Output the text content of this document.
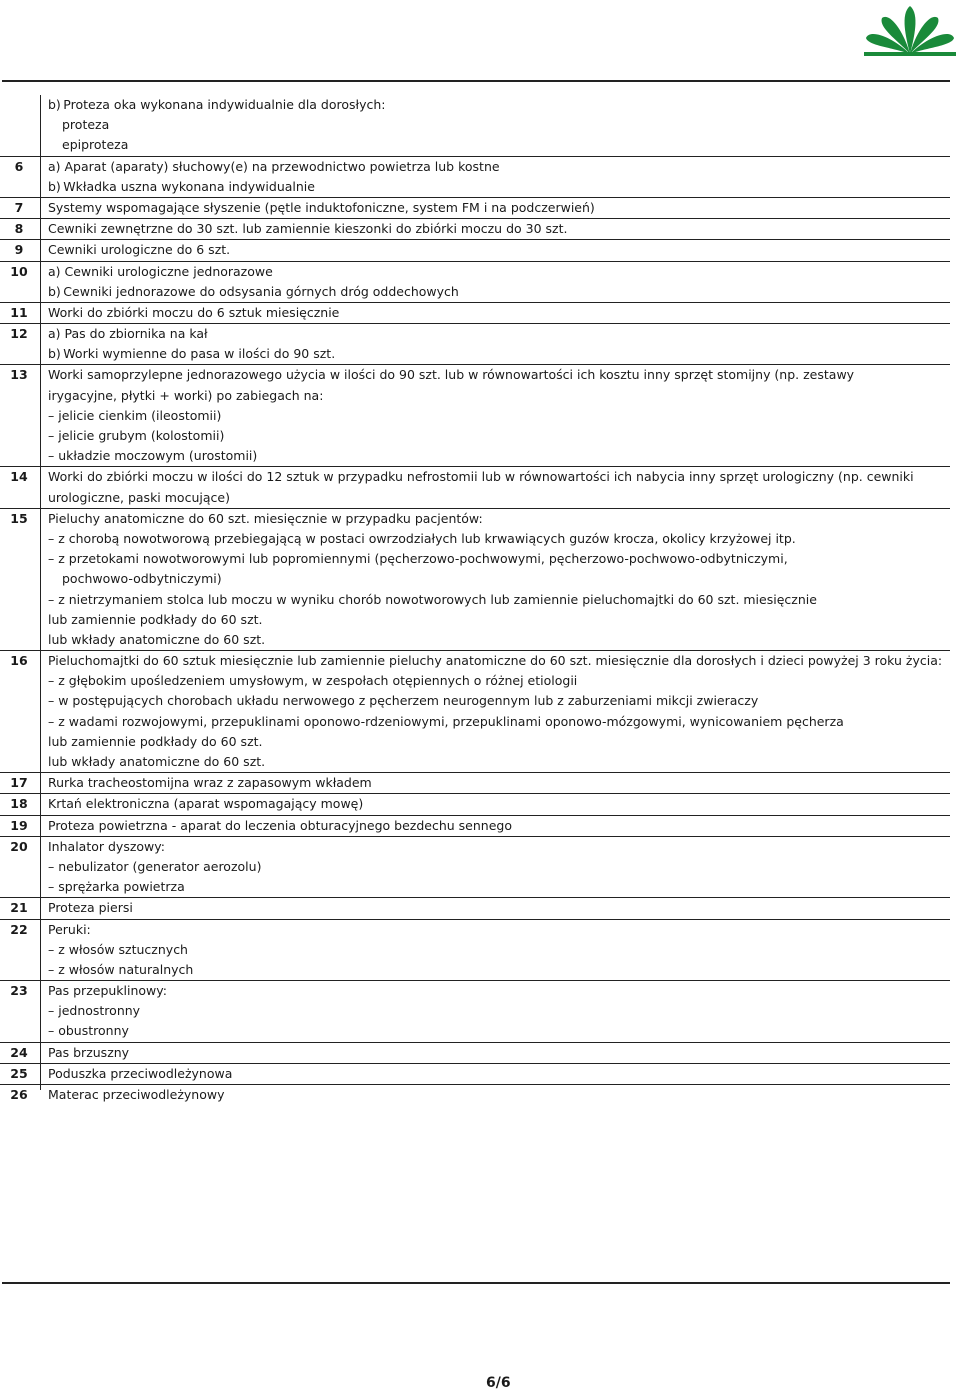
b) Proteza oka wykonana indywidualnie dla dorosłych:
proteza
epiproteza
6	a) Aparat (aparaty) słuchowy(e) na przewodnictwo powietrza lub kostne
b) Wkładka uszna wykonana indywidualnie
7	Systemy wspomagające słyszenie (pętle induktofoniczne, system FM i na podczerwień)
8	Cewniki zewnętrzne do 30 szt. lub zamiennie kieszonki do zbiórki moczu do 30 szt.
9	Cewniki urologiczne do 6 szt.
10	a) Cewniki urologiczne jednorazowe
b) Cewniki jednorazowe do odsysania górnych dróg oddechowych
11	Worki do zbiórki moczu do 6 sztuk miesięcznie
12	a) Pas do zbiornika na kał
b) Worki wymienne do pasa w ilości do 90 szt.
13	Worki samoprzylepne jednorazowego użycia w ilości do 90 szt. lub w równowartości ich kosztu inny sprzęt stomijny (np. zestawy
irygacyjne, płytki + worki) po zabiegach na:
– jelicie cienkim (ileostomii)
– jelicie grubym (kolostomii)
– układzie moczowym (urostomii)
14	Worki do zbiórki moczu w ilości do 12 sztuk w przypadku nefrostomii lub w równowartości ich nabycia inny sprzęt urologiczny (np. cewniki
urologiczne, paski mocujące)
15	Pieluchy anatomiczne do 60 szt. miesięcznie w przypadku pacjentów:
– z chorobą nowotworową przebiegającą w postaci owrzodziałych lub krwawiących guzów krocza, okolicy krzyżowej itp.
– z przetokami nowotworowymi lub popromiennymi (pęcherzowo-pochwowymi, pęcherzowo-pochwowo-odbytniczymi,
pochwowo-odbytniczymi)
– z nietrzymaniem stolca lub moczu w wyniku chorób nowotworowych lub zamiennie pieluchomajtki do 60 szt. miesięcznie
lub zamiennie podkłady do 60 szt.
lub wkłady anatomiczne do 60 szt.
16	Pieluchomajtki do 60 sztuk miesięcznie lub zamiennie pieluchy anatomiczne do 60 szt. miesięcznie dla dorosłych i dzieci powyżej 3 roku życia:
– z głębokim upośledzeniem umysłowym, w zespołach otępiennych o różnej etiologii
– w postępujących chorobach układu nerwowego z pęcherzem neurogennym lub z zaburzeniami mikcji zwieraczy
– z wadami rozwojowymi, przepuklinami oponowo-rdzeniowymi, przepuklinami oponowo-mózgowymi, wynicowaniem pęcherza
lub zamiennie podkłady do 60 szt.
lub wkłady anatomiczne do 60 szt.
17	Rurka tracheostomijna wraz z zapasowym wkładem
18	Krtań elektroniczna (aparat wspomagający mowę)
19	Proteza powietrzna - aparat do leczenia obturacyjnego bezdechu sennego
20	Inhalator dyszowy:
– nebulizator (generator aerozolu)
– sprężarka powietrza
21	Proteza piersi
22	Peruki:
– z włosów sztucznych
– z włosów naturalnych
23	Pas przepuklinowy:
– jednostronny
– obustronny
24	Pas brzuszny
25	Poduszka przeciwodleżynowa
26	Materac przeciwodleżynowy
6/6
